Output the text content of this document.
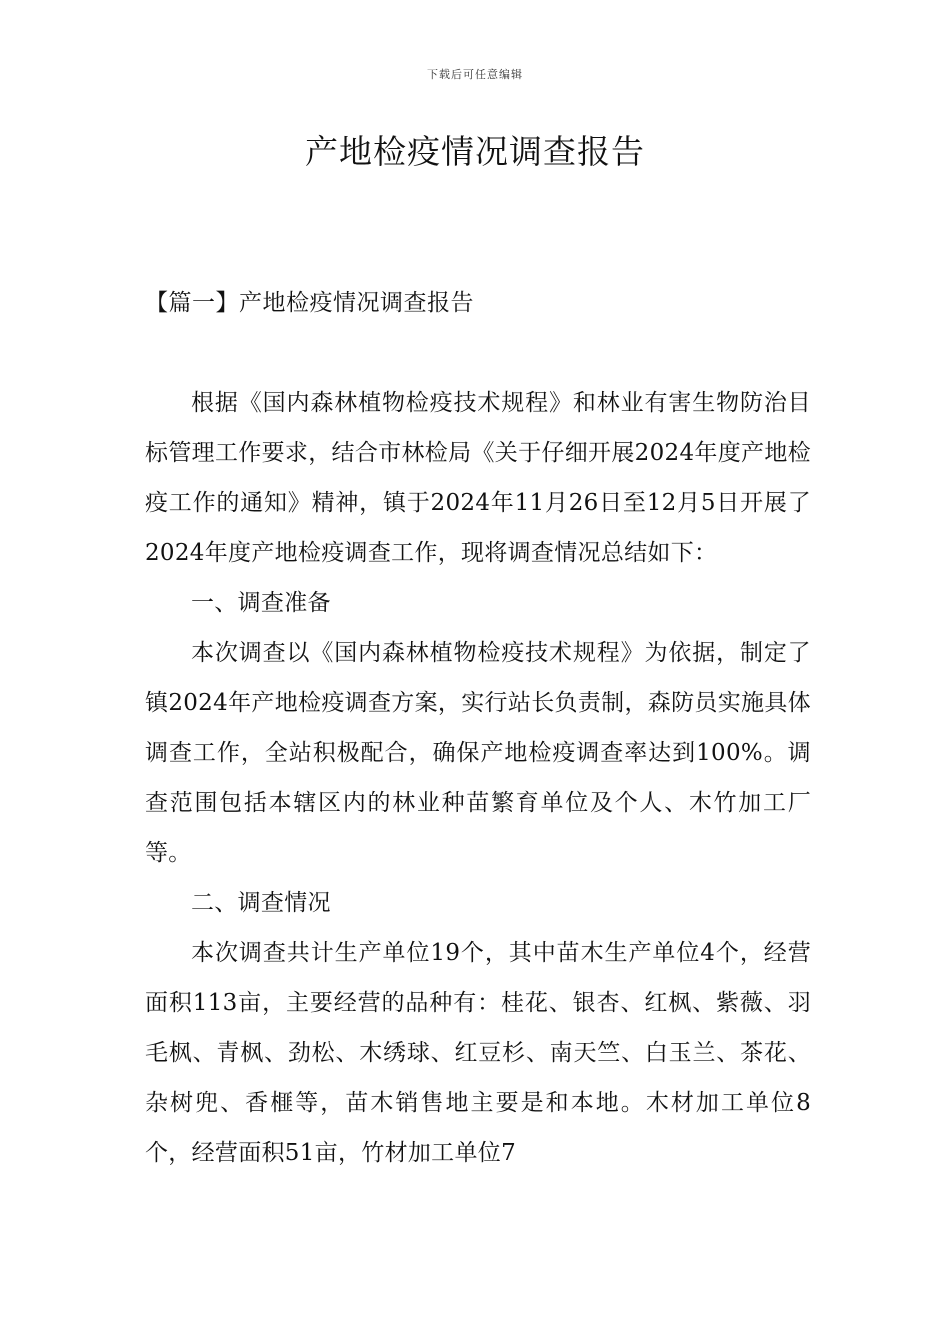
下载后可任意编辑
产地检疫情况调查报告
【篇一】产地检疫情况调查报告

根据《国内森林植物检疫技术规程》和林业有害生物防治目标管理工作要求，结合市林检局《关于仔细开展2024年度产地检疫工作的通知》精神，镇于2024年11月26日至12月5日开展了2024年度产地检疫调查工作，现将调查情况总结如下：

一、调查准备

本次调查以《国内森林植物检疫技术规程》为依据，制定了镇2024年产地检疫调查方案，实行站长负责制，森防员实施具体调查工作，全站积极配合，确保产地检疫调查率达到100%。调查范围包括本辖区内的林业种苗繁育单位及个人、木竹加工厂等。

二、调查情况

本次调查共计生产单位19个，其中苗木生产单位4个，经营面积113亩，主要经营的品种有：桂花、银杏、红枫、紫薇、羽毛枫、青枫、劲松、木绣球、红豆杉、南天竺、白玉兰、茶花、杂树兜、香榧等，苗木销售地主要是和本地。木材加工单位8个，经营面积51亩，竹材加工单位7
